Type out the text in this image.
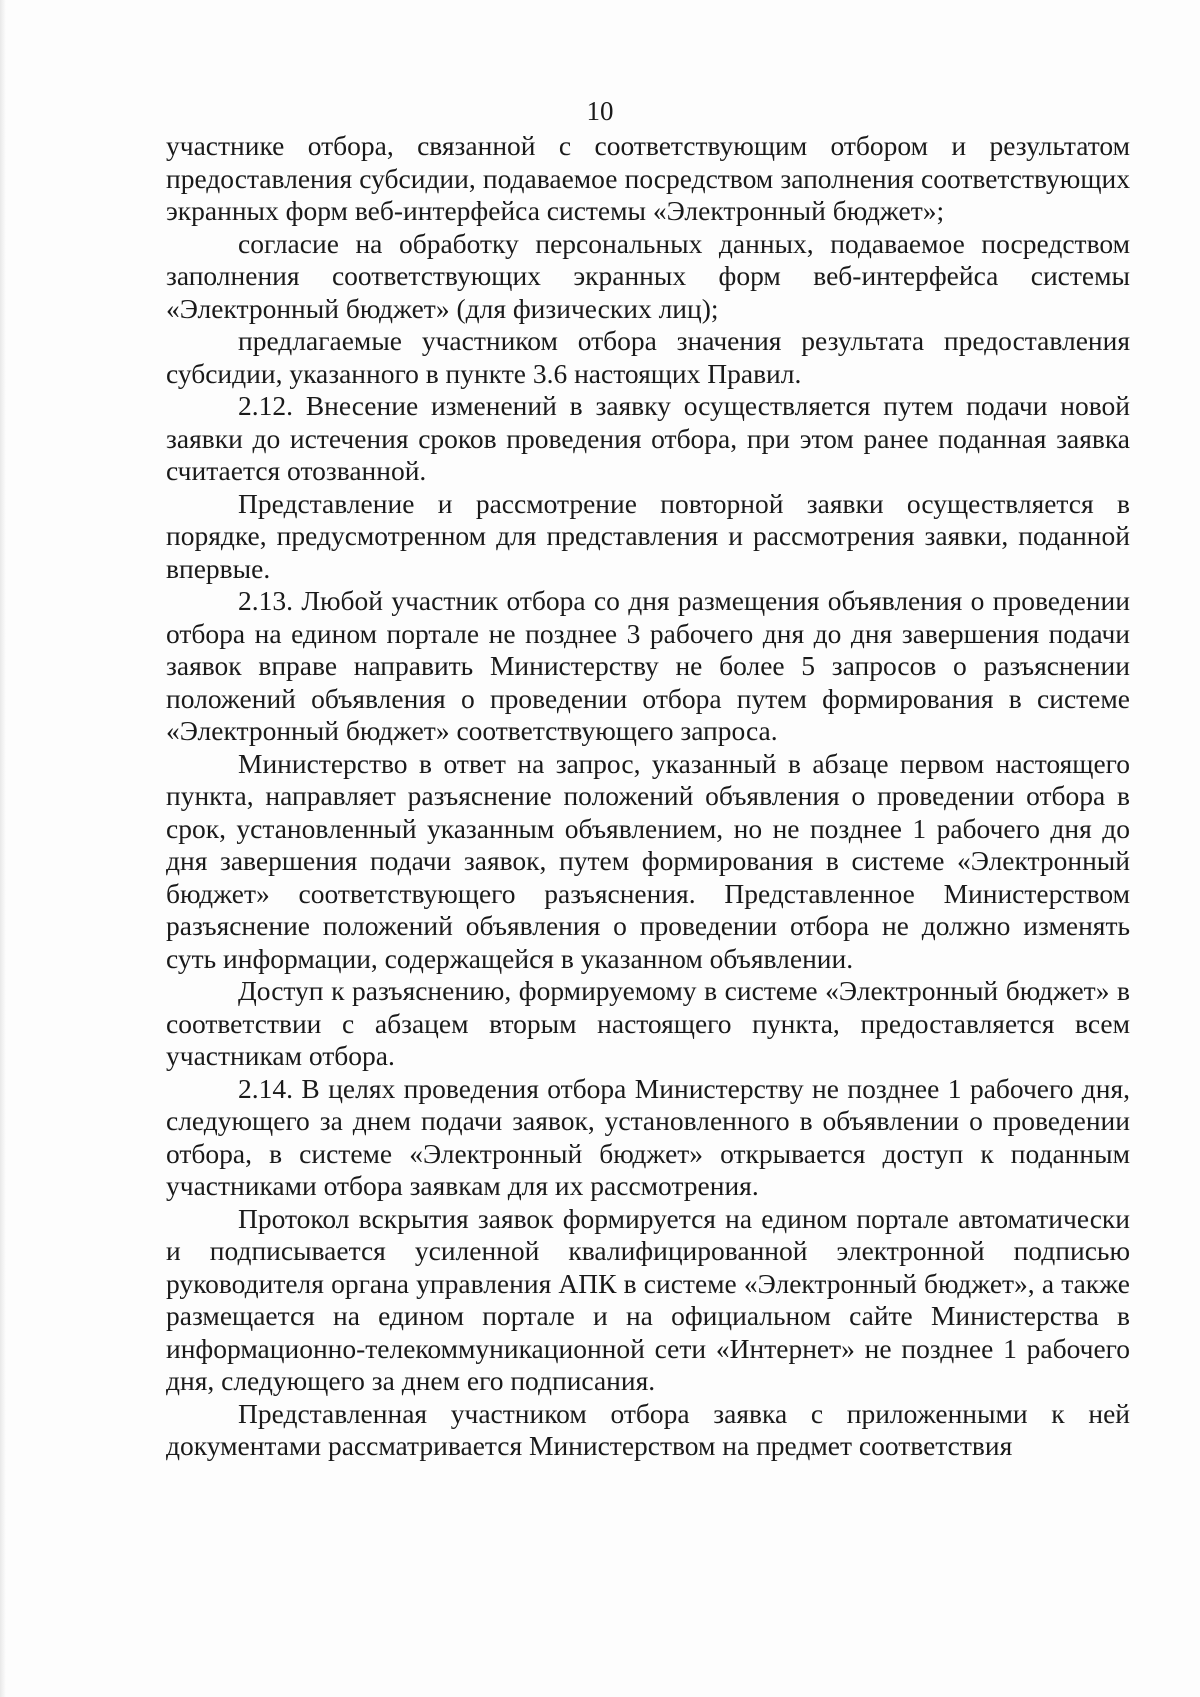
10

участнике отбора, связанной с соответствующим отбором и результатом предоставления субсидии, подаваемое посредством заполнения соответствующих экранных форм веб-интерфейса системы «Электронный бюджет»;

согласие на обработку персональных данных, подаваемое посредством заполнения соответствующих экранных форм веб-интерфейса системы «Электронный бюджет» (для физических лиц);

предлагаемые участником отбора значения результата предоставления субсидии, указанного в пункте 3.6 настоящих Правил.

2.12. Внесение изменений в заявку осуществляется путем подачи новой заявки до истечения сроков проведения отбора, при этом ранее поданная заявка считается отозванной.

Представление и рассмотрение повторной заявки осуществляется в порядке, предусмотренном для представления и рассмотрения заявки, поданной впервые.

2.13. Любой участник отбора со дня размещения объявления о проведении отбора на едином портале не позднее 3 рабочего дня до дня завершения подачи заявок вправе направить Министерству не более 5 запросов о разъяснении положений объявления о проведении отбора путем формирования в системе «Электронный бюджет» соответствующего запроса.

Министерство в ответ на запрос, указанный в абзаце первом настоящего пункта, направляет разъяснение положений объявления о проведении отбора в срок, установленный указанным объявлением, но не позднее 1 рабочего дня до дня завершения подачи заявок, путем формирования в системе «Электронный бюджет» соответствующего разъяснения. Представленное Министерством разъяснение положений объявления о проведении отбора не должно изменять суть информации, содержащейся в указанном объявлении.

Доступ к разъяснению, формируемому в системе «Электронный бюджет» в соответствии с абзацем вторым настоящего пункта, предоставляется всем участникам отбора.

2.14. В целях проведения отбора Министерству не позднее 1 рабочего дня, следующего за днем подачи заявок, установленного в объявлении о проведении отбора, в системе «Электронный бюджет» открывается доступ к поданным участниками отбора заявкам для их рассмотрения.

Протокол вскрытия заявок формируется на едином портале автоматически и подписывается усиленной квалифицированной электронной подписью руководителя органа управления АПК в системе «Электронный бюджет», а также размещается на едином портале и на официальном сайте Министерства в информационно-телекоммуникационной сети «Интернет» не позднее 1 рабочего дня, следующего за днем его подписания.

Представленная участником отбора заявка с приложенными к ней документами рассматривается Министерством на предмет соответствия
